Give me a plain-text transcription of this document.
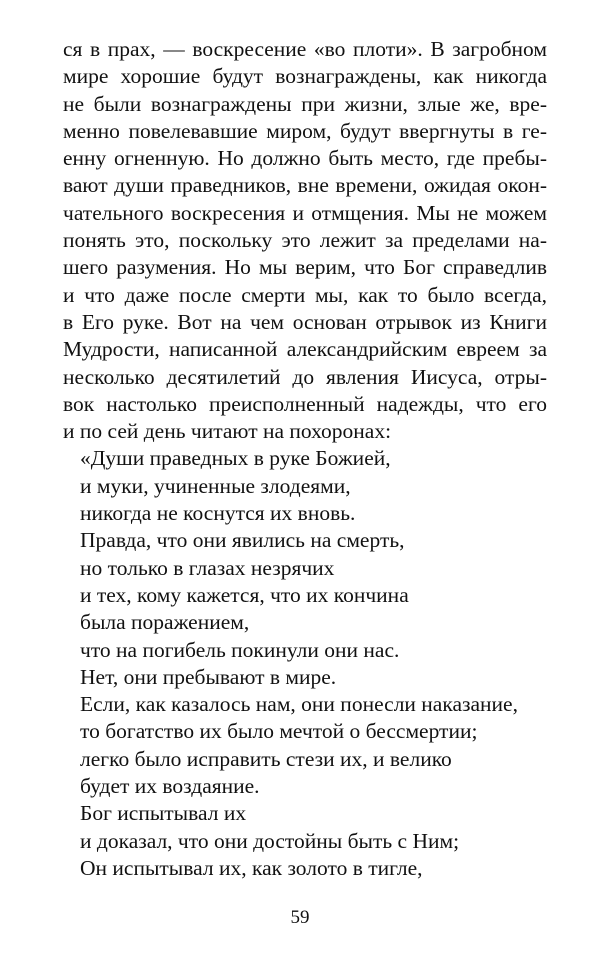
ся в прах, — воскресение «во плоти». В загробном
мире хорошие будут вознаграждены, как никогда
не были вознаграждены при жизни, злые же, вре-
менно повелевавшие миром, будут ввергнуты в ге-
енну огненную. Но должно быть место, где пребы-
вают души праведников, вне времени, ожидая окон-
чательного воскресения и отмщения. Мы не можем
понять это, поскольку это лежит за пределами на-
шего разумения. Но мы верим, что Бог справедлив
и что даже после смерти мы, как то было всегда,
в Его руке. Вот на чем основан отрывок из Книги
Мудрости, написанной александрийским евреем за
несколько десятилетий до явления Иисуса, отры-
вок настолько преисполненный надежды, что его
и по сей день читают на похоронах:
«Души праведных в руке Божией,
и муки, учиненные злодеями,
никогда не коснутся их вновь.
Правда, что они явились на смерть,
но только в глазах незрячих
и тех, кому кажется, что их кончина
была поражением,
что на погибель покинули они нас.
Нет, они пребывают в мире.
Если, как казалось нам, они понесли наказание,
то богатство их было мечтой о бессмертии;
легко было исправить стези их, и велико
будет их воздаяние.
Бог испытывал их
и доказал, что они достойны быть с Ним;
Он испытывал их, как золото в тигле,
59
